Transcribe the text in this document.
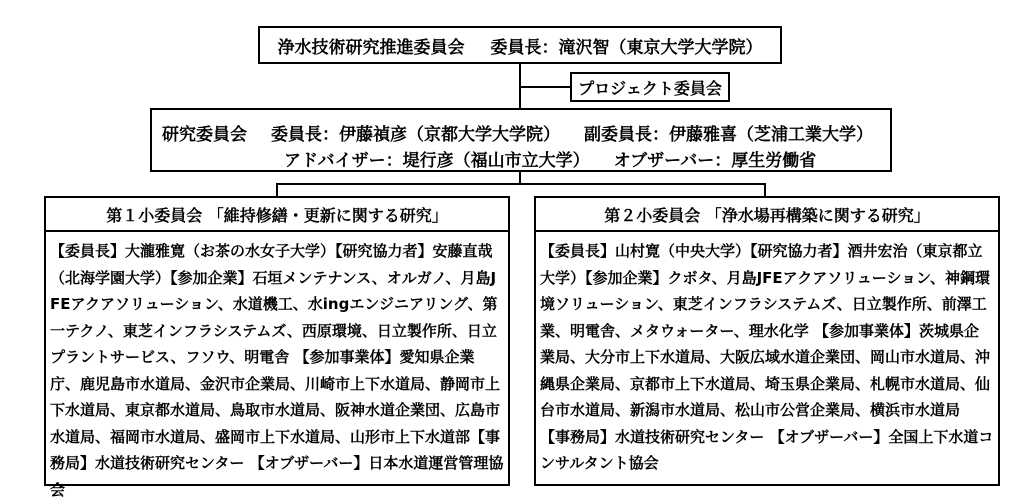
浄水技術研究推進委員会 委員長：滝沢智（東京大学大学院）
プロジェクト委員会
研究委員会 委員長：伊藤禎彦（京都大学大学院） 副委員長：伊藤雅喜（芝浦工業大学）
アドバイザー：堤行彦（福山市立大学） オブザーバー：厚生労働省
第１小委員会 「維持修繕・更新に関する研究」
【委員長】大瀧雅寛（お茶の水女子大学）【研究協力者】安藤直哉（北海学園大学）【参加企業】石垣メンテナンス、オルガノ、月島JFEアクアソリューション、水道機工、水ingエンジニアリング、第一テクノ、東芝インフラシステムズ、西原環境、日立製作所、日立プラントサービス、フソウ、明電舎 【参加事業体】愛知県企業庁、鹿児島市水道局、金沢市企業局、川崎市上下水道局、静岡市上下水道局、東京都水道局、鳥取市水道局、阪神水道企業団、広島市水道局、福岡市水道局、盛岡市上下水道局、山形市上下水道部【事務局】水道技術研究センター 【オブザーバー】日本水道運営管理協会
第２小委員会 「浄水場再構築に関する研究」
【委員長】山村寛（中央大学）【研究協力者】酒井宏治（東京都立大学）【参加企業】クボタ、月島JFEアクアソリューション、神鋼環境ソリューション、東芝インフラシステムズ、日立製作所、前澤工業、明電舎、メタウォーター、理水化学 【参加事業体】茨城県企業局、大分市上下水道局、大阪広域水道企業団、岡山市水道局、沖縄県企業局、京都市上下水道局、埼玉県企業局、札幌市水道局、仙台市水道局、新潟市水道局、松山市公営企業局、横浜市水道局 【事務局】水道技術研究センター 【オブザーバー】全国上下水道コンサルタント協会
